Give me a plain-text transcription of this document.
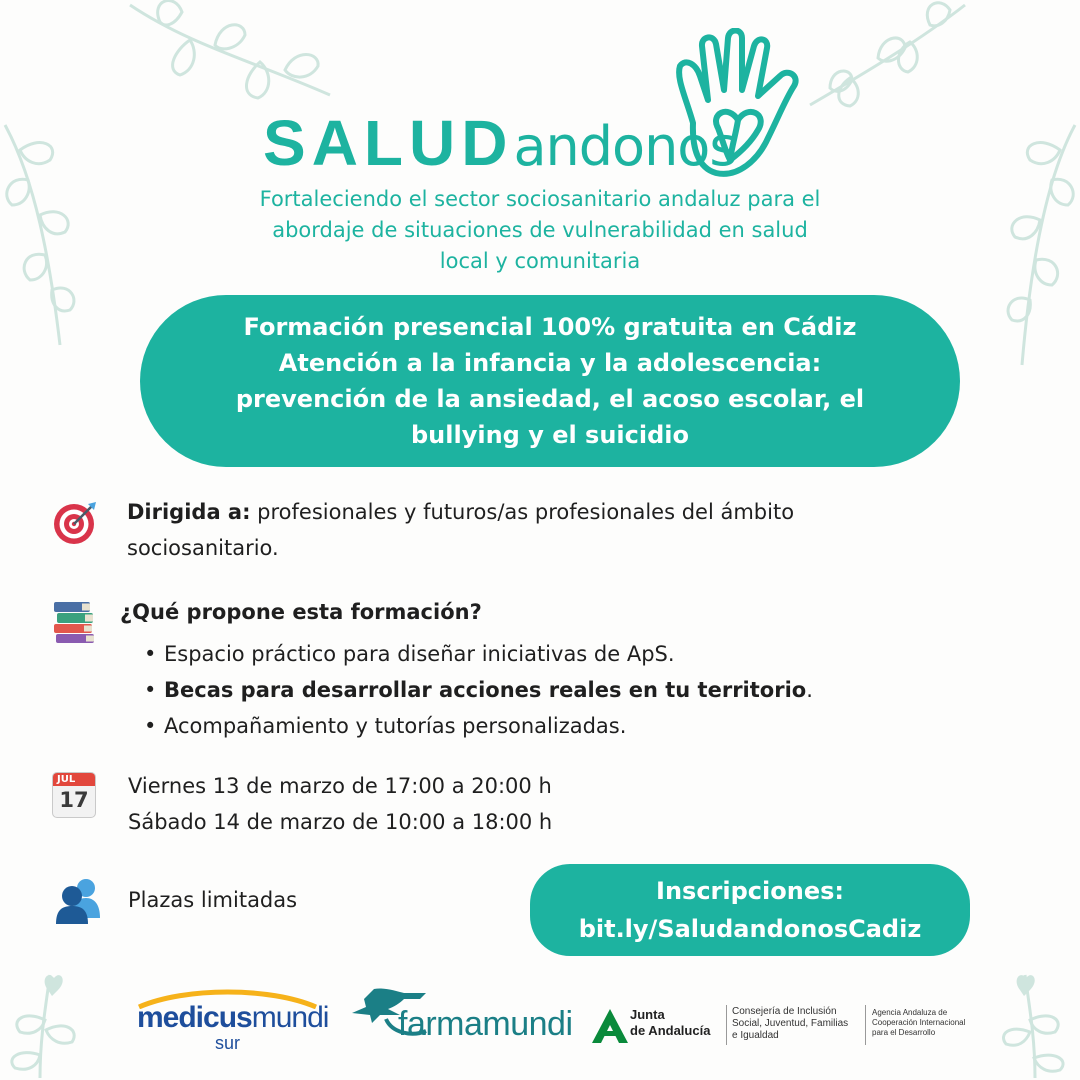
SALUDandonos
Fortaleciendo el sector sociosanitario andaluz para el
abordaje de situaciones de vulnerabilidad en salud
local y comunitaria
Formación presencial 100% gratuita en Cádiz
Atención a la infancia y la adolescencia:
prevención de la ansiedad, el acoso escolar, el
bullying y el suicidio
Dirigida a: profesionales y futuros/as profesionales del ámbito
sociosanitario.
¿Qué propone esta formación?
• Espacio práctico para diseñar iniciativas de ApS.
• Becas para desarrollar acciones reales en tu territorio.
• Acompañamiento y tutorías personalizadas.
JUL
17
Viernes 13 de marzo de 17:00 a 20:00 h
Sábado 14 de marzo de 10:00 a 18:00 h
Plazas limitadas	Inscripciones:
bit.ly/SaludandonosCadiz
medicusmundi
sur	farmamundi	Junta
de Andalucía
Consejería de Inclusión
Social, Juventud, Familias
e Igualdad
Agencia Andaluza de
Cooperación Internacional
para el Desarrollo
